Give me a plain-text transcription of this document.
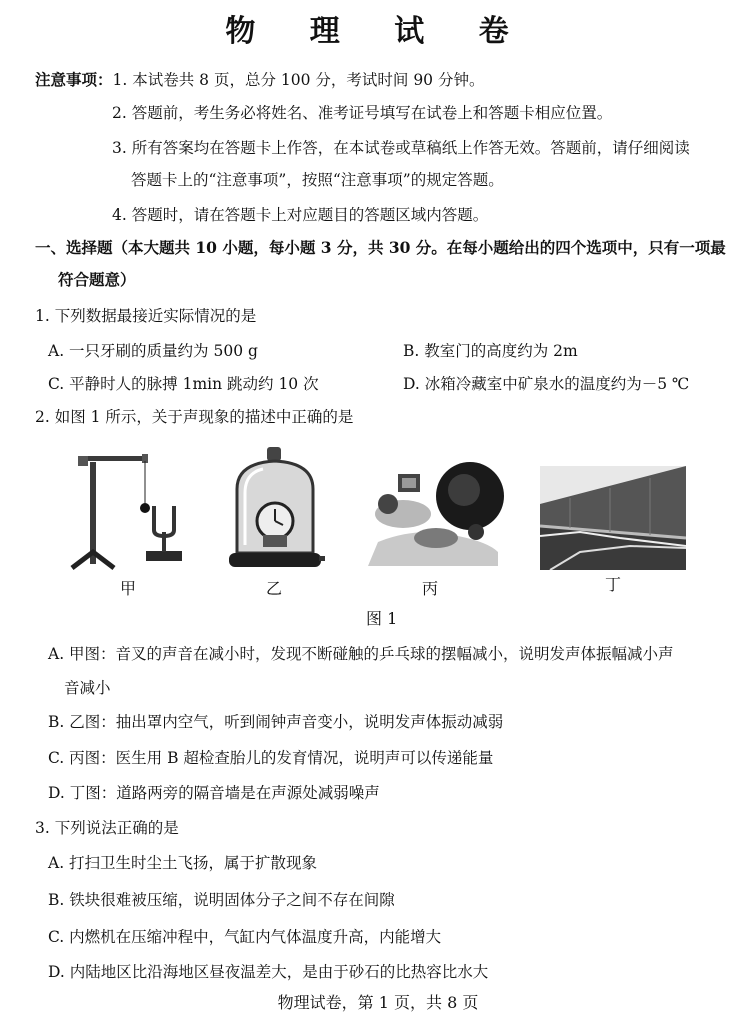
物 理 试 卷
注意事项：1. 本试卷共 8 页，总分 100 分，考试时间 90 分钟。
2. 答题前，考生务必将姓名、准考证号填写在试卷上和答题卡相应位置。
3. 所有答案均在答题卡上作答，在本试卷或草稿纸上作答无效。答题前，请仔细阅读
答题卡上的“注意事项”，按照“注意事项”的规定答题。
4. 答题时，请在答题卡上对应题目的答题区域内答题。
一、选择题（本大题共 10 小题，每小题 3 分，共 30 分。在每小题给出的四个选项中，只有一项最
符合题意）
1. 下列数据最接近实际情况的是
A. 一只牙刷的质量约为 500 g	B. 教室门的高度约为 2m
C. 平静时人的脉搏 1min 跳动约 10 次	D. 冰箱冷藏室中矿泉水的温度约为－5 ℃
2. 如图 1 所示，关于声现象的描述中正确的是
甲	乙	丙	丁
图 1
A. 甲图：音叉的声音在减小时，发现不断碰触的乒乓球的摆幅减小，说明发声体振幅减小声
音减小
B. 乙图：抽出罩内空气，听到闹钟声音变小，说明发声体振动减弱
C. 丙图：医生用 B 超检查胎儿的发育情况，说明声可以传递能量
D. 丁图：道路两旁的隔音墙是在声源处减弱噪声
3. 下列说法正确的是
A. 打扫卫生时尘土飞扬，属于扩散现象
B. 铁块很难被压缩，说明固体分子之间不存在间隙
C. 内燃机在压缩冲程中，气缸内气体温度升高，内能增大
D. 内陆地区比沿海地区昼夜温差大，是由于砂石的比热容比水大
物理试卷，第 1 页，共 8 页
